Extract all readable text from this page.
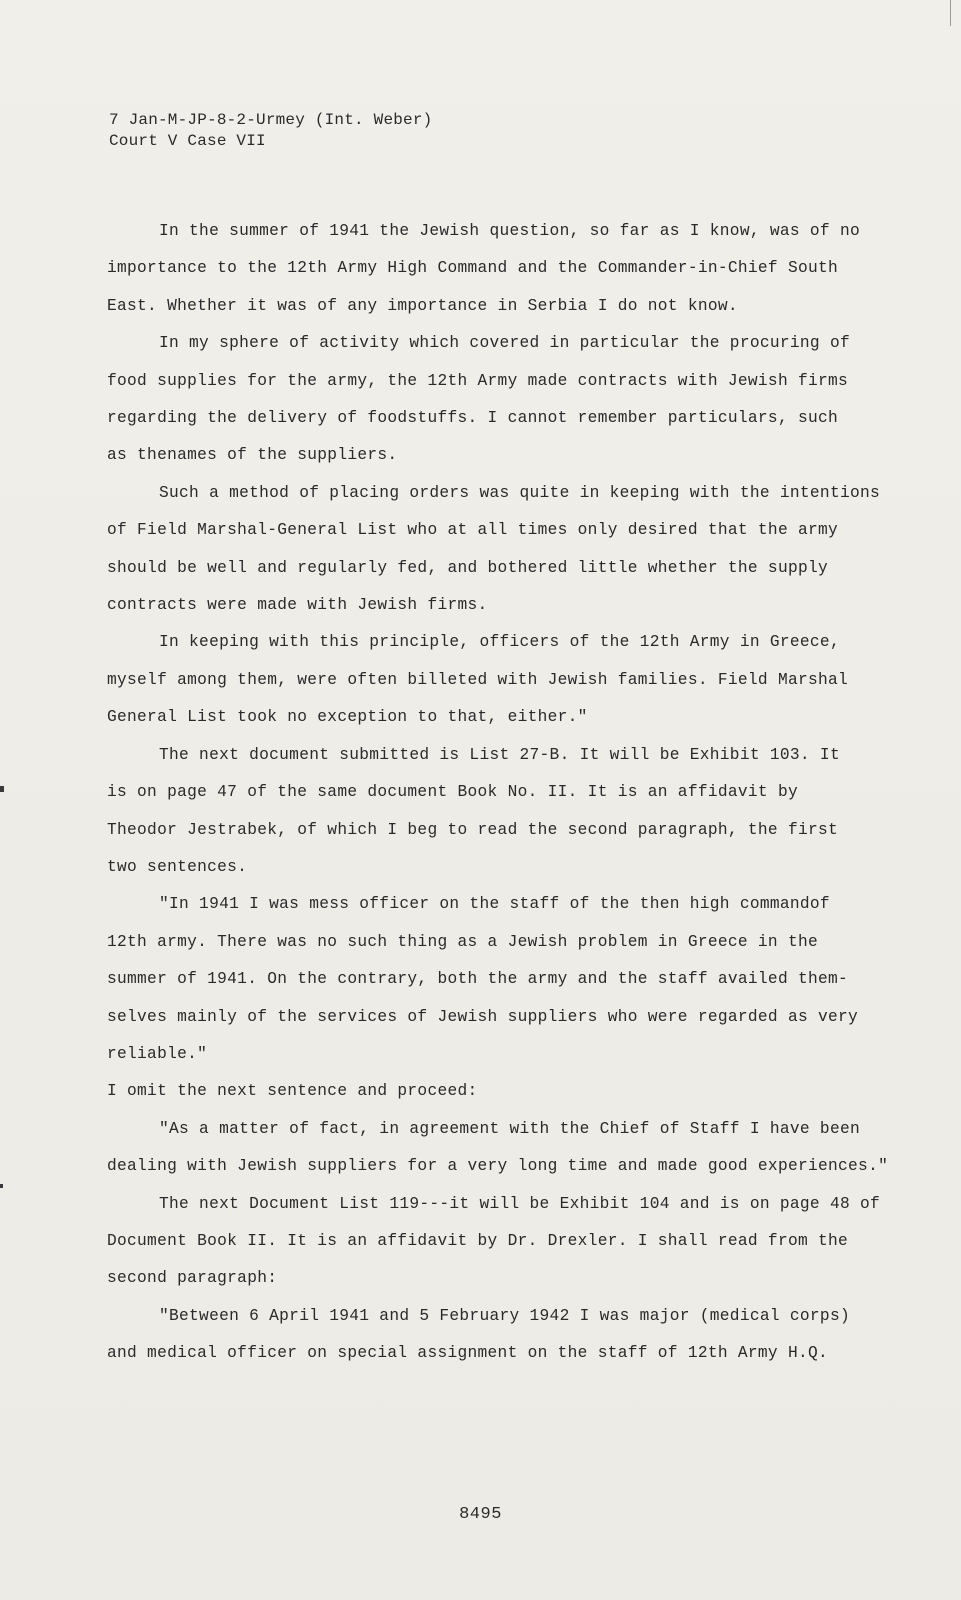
7 Jan-M-JP-8-2-Urmey (Int. Weber)
Court V Case VII

In the summer of 1941 the Jewish question, so far as I know, was of no

importance to the 12th Army High Command and the Commander-in-Chief South

East. Whether it was of any importance in Serbia I do not know.

In my sphere of activity which covered in particular the procuring of

food supplies for the army, the 12th Army made contracts with Jewish firms

regarding the delivery of foodstuffs. I cannot remember particulars, such

as thenames of the suppliers.

Such a method of placing orders was quite in keeping with the intentions

of Field Marshal-General List who at all times only desired that the army

should be well and regularly fed, and bothered little whether the supply

contracts were made with Jewish firms.

In keeping with this principle, officers of the 12th Army in Greece,

myself among them, were often billeted with Jewish families. Field Marshal

General List took no exception to that, either."

The next document submitted is List 27-B. It will be Exhibit 103. It

is on page 47 of the same document Book No. II. It is an affidavit by

Theodor Jestrabek, of which I beg to read the second paragraph, the first

two sentences.

"In 1941 I was mess officer on the staff of the then high commandof

12th army. There was no such thing as a Jewish problem in Greece in the

summer of 1941. On the contrary, both the army and the staff availed them-

selves mainly of the services of Jewish suppliers who were regarded as very

reliable."

I omit the next sentence and proceed:

"As a matter of fact, in agreement with the Chief of Staff I have been

dealing with Jewish suppliers for a very long time and made good experiences."

The next Document List 119---it will be Exhibit 104 and is on page 48 of

Document Book II. It is an affidavit by Dr. Drexler. I shall read from the

second paragraph:

"Between 6 April 1941 and 5 February 1942 I was major (medical corps)

and medical officer on special assignment on the staff of 12th Army H.Q.

8495
